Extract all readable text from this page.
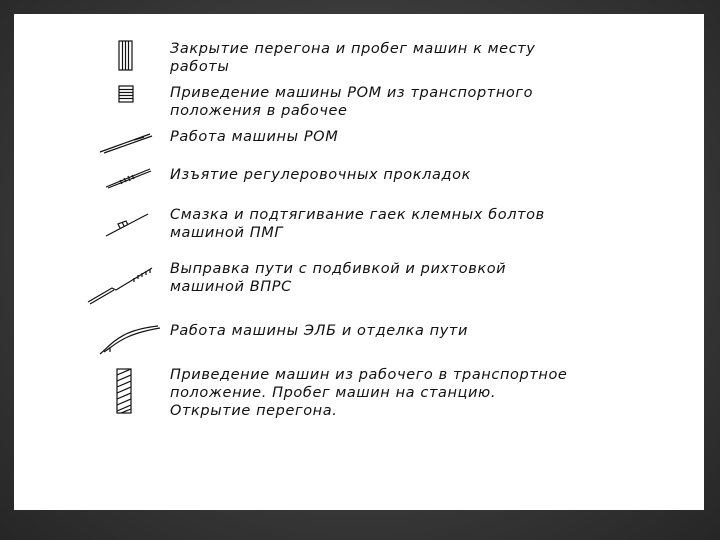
Закрытие перегона и пробег машин к месту
работы
Приведение машины РОМ из транспортного
положения в рабочее
Работа машины РОМ
Изъятие регулеровочных прокладок
Смазка и подтягивание гаек клемных болтов
машиной ПМГ
Выправка пути с подбивкой и рихтовкой
машиной ВПРС
Работа машины ЭЛБ и отделка пути
Приведение машин из рабочего в транспортное
положение. Пробег машин на станцию.
Открытие перегона.
